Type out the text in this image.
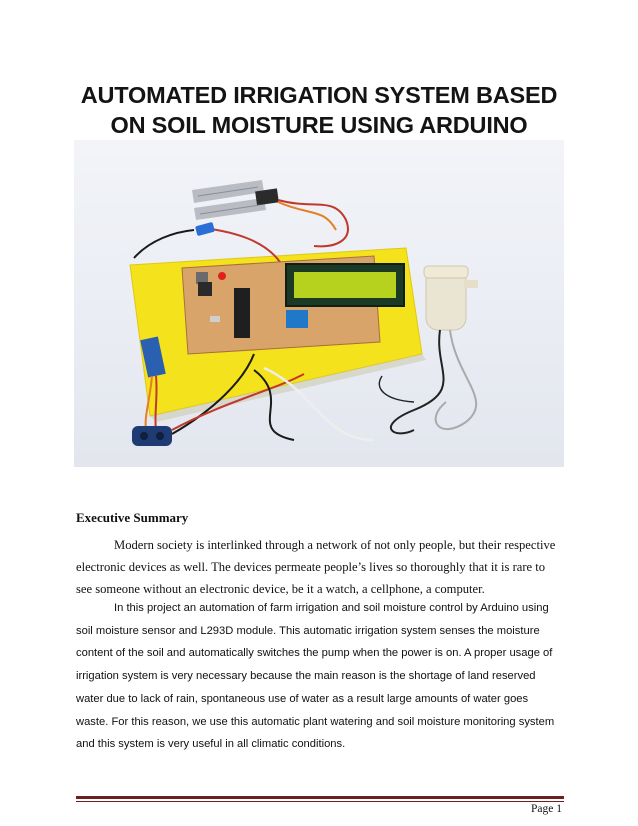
AUTOMATED IRRIGATION SYSTEM BASED
ON SOIL MOISTURE USING ARDUINO
Executive Summary

Modern society is interlinked through a network of not only people, but their respective electronic devices as well. The devices permeate people’s lives so thoroughly that it is rare to see someone without an electronic device, be it a watch, a cellphone, a computer.

In this project an automation of farm irrigation and soil moisture control by Arduino using soil moisture sensor and L293D module. This automatic irrigation system senses the moisture content of the soil and automatically switches the pump when the power is on. A proper usage of irrigation system is very necessary because the main reason is the shortage of land reserved water due to lack of rain, spontaneous use of water as a result large amounts of water goes waste. For this reason, we use this automatic plant watering and soil moisture monitoring system and this system is very useful in all climatic conditions.

Page 1
